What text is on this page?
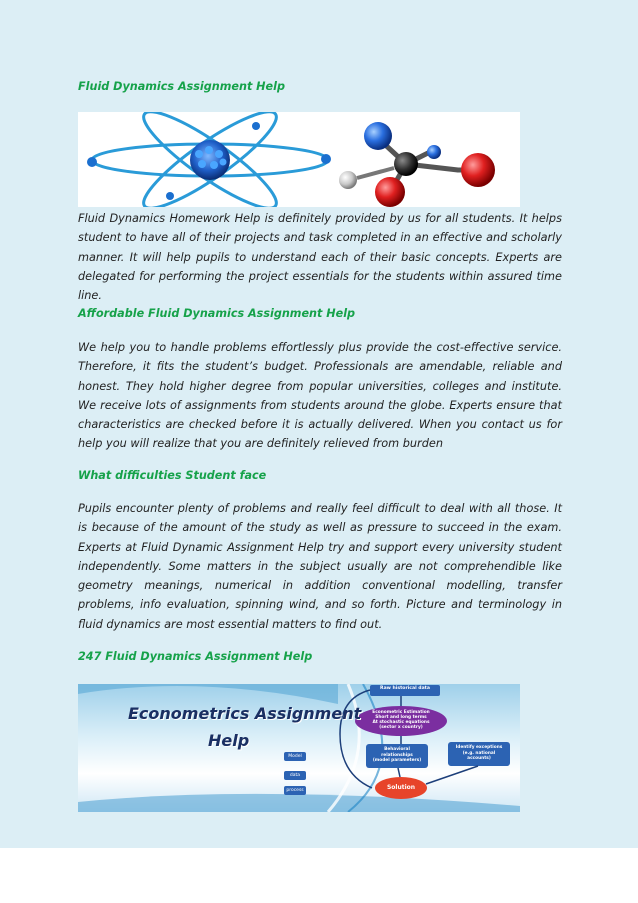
Fluid Dynamics Assignment Help
Fluid Dynamics Homework Help is definitely provided by us for all students. It helps student to have all of their projects and task completed in an effective and scholarly manner. It will help pupils to understand each of their basic concepts. Experts are delegated for performing the project essentials for the students within assured time line.
Affordable Fluid Dynamics Assignment Help
We help you to handle problems effortlessly plus provide the cost-effective service. Therefore, it fits the student’s budget. Professionals are amendable, reliable and honest. They hold higher degree from popular universities, colleges and institute. We receive lots of assignments from students around the globe. Experts ensure that characteristics are checked before it is actually delivered. When you contact us for help you will realize that you are definitely relieved from burden
What difficulties Student face
Pupils encounter plenty of problems and really feel difficult to deal with all those. It is because of the amount of the study as well as pressure to succeed in the exam. Experts at Fluid Dynamic Assignment Help try and support every university student independently. Some matters in the subject usually are not comprehendible like geometry meanings, numerical in addition conventional modelling, transfer problems, info evaluation, spinning wind, and so forth. Picture and terminology in fluid dynamics are most essential matters to find out.
247 Fluid Dynamics Assignment Help
Econometrics Assignment
Help
Raw historical data
Econometric Estimation
Short and long terms
At stochastic equations
(sector x country)
Behavioral
relationships
(model parameters)
Identify exceptions
(e.g. national
accounts)
Solution
Model
data
process
